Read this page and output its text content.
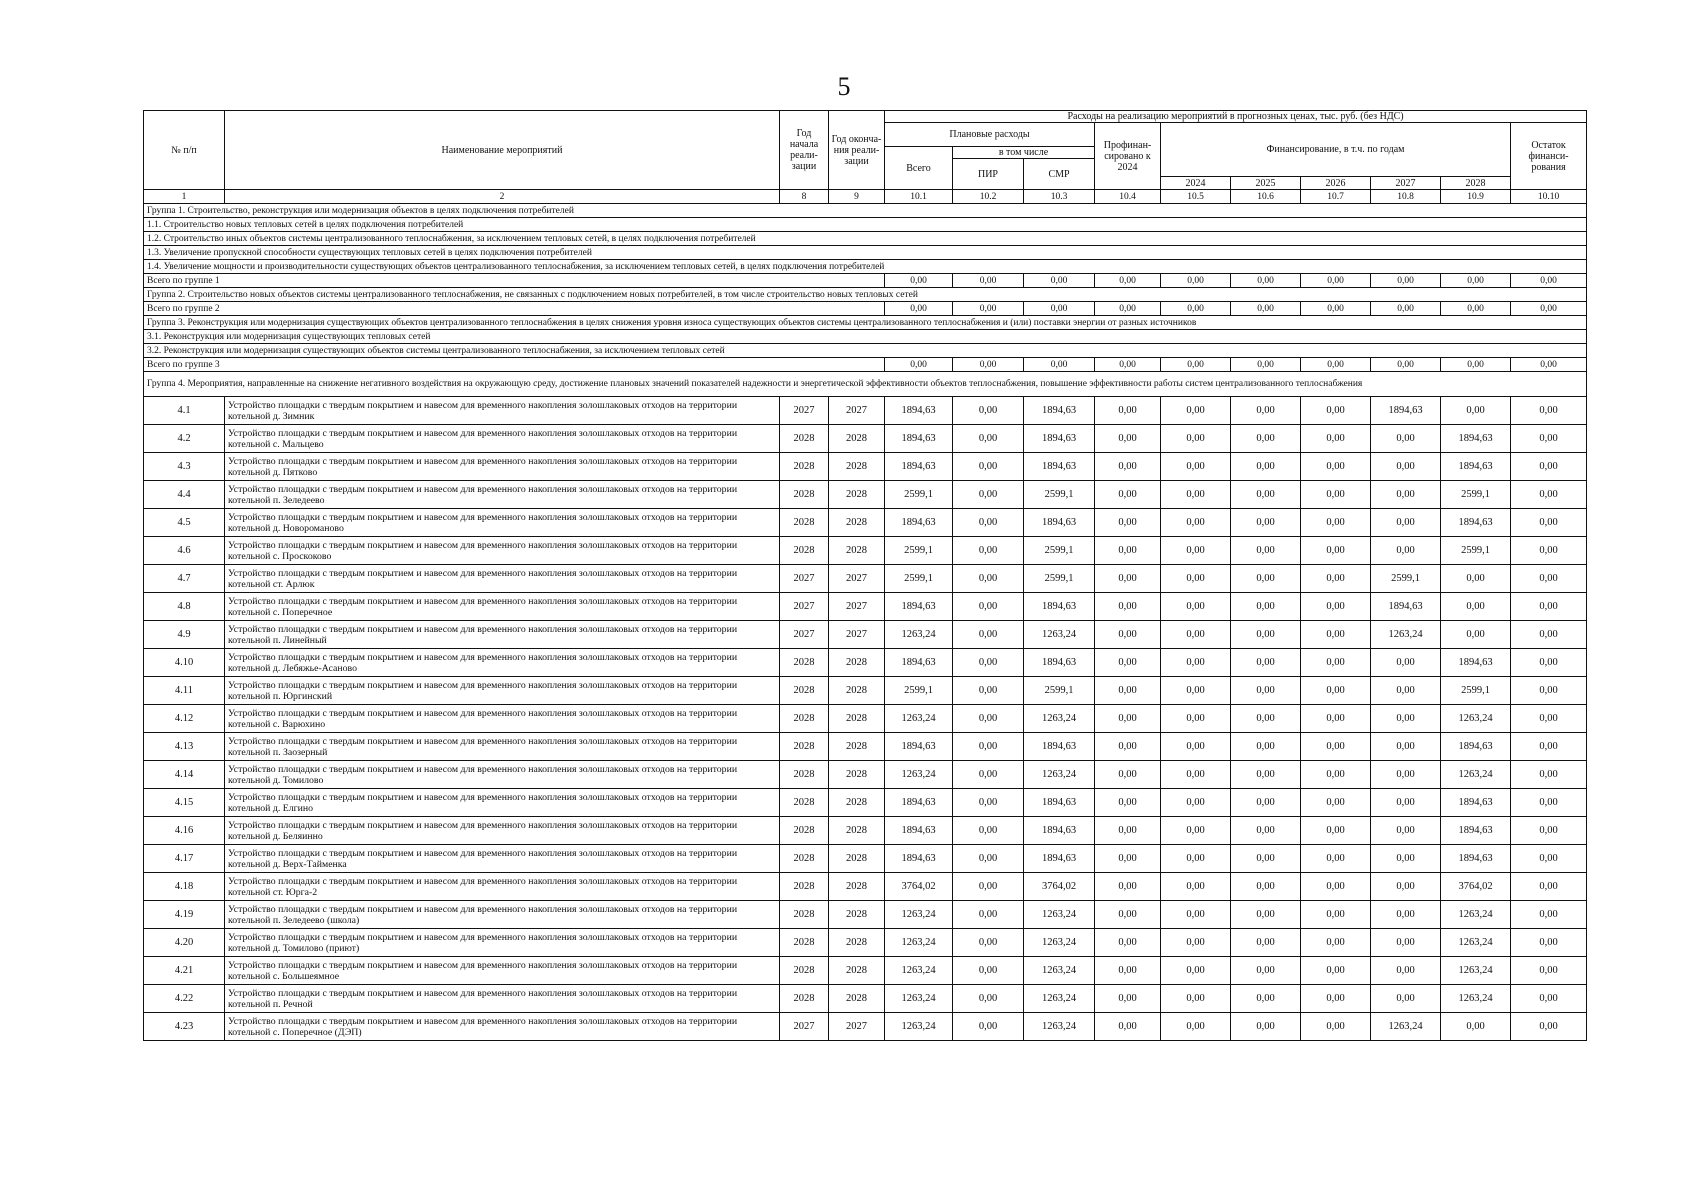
5
№ п/п	Наименование мероприятий	Год начала реали-зации	Год оконча-ния реали-зации	Расходы на реализацию мероприятий в прогнозных ценах, тыс. руб. (без НДС)									
				Плановые расходы			Профинан-сировано к 2024	Финансирование, в т.ч. по годам					Остаток финанси-рования
				Всего	в том числе								
					ПИР	СМР							
								2024	2025	2026	2027	2028	
1	2	8	9	10.1	10.2	10.3	10.4	10.5	10.6	10.7	10.8	10.9	10.10
Группа 1. Строительство, реконструкция или модернизация объектов в целях подключения потребителей													
1.1. Строительство новых тепловых сетей в целях подключения потребителей													
1.2. Строительство иных объектов системы централизованного теплоснабжения, за исключением тепловых сетей, в целях подключения потребителей													
1.3. Увеличение пропускной способности существующих тепловых сетей в целях подключения потребителей													
1.4. Увеличение мощности и производительности существующих объектов централизованного теплоснабжения, за исключением тепловых сетей, в целях подключения потребителей													
Всего по группе 1				0,00	0,00	0,00	0,00	0,00	0,00	0,00	0,00	0,00	0,00
Группа 2. Строительство новых объектов системы централизованного теплоснабжения, не связанных с подключением новых потребителей, в том числе строительство новых тепловых сетей													
Всего по группе 2				0,00	0,00	0,00	0,00	0,00	0,00	0,00	0,00	0,00	0,00
Группа 3. Реконструкция или модернизация существующих объектов централизованного теплоснабжения в целях снижения уровня износа существующих объектов системы централизованного теплоснабжения и (или) поставки энергии от разных источников													
3.1. Реконструкция или модернизация существующих тепловых сетей													
3.2. Реконструкция или модернизация существующих объектов системы централизованного теплоснабжения, за исключением тепловых сетей													
Всего по группе 3				0,00	0,00	0,00	0,00	0,00	0,00	0,00	0,00	0,00	0,00
Группа 4. Мероприятия, направленные на снижение негативного воздействия на окружающую среду, достижение плановых значений показателей надежности и энергетической эффективности объектов теплоснабжения, повышение эффективности работы систем централизованного теплоснабжения													
4.1	Устройство площадки с твердым покрытием и навесом для временного накопления золошлаковых отходов на территории котельной д. Зимник	2027	2027	1894,63	0,00	1894,63	0,00	0,00	0,00	0,00	1894,63	0,00	0,00
4.2	Устройство площадки с твердым покрытием и навесом для временного накопления золошлаковых отходов на территории котельной с. Мальцево	2028	2028	1894,63	0,00	1894,63	0,00	0,00	0,00	0,00	0,00	1894,63	0,00
4.3	Устройство площадки с твердым покрытием и навесом для временного накопления золошлаковых отходов на территории котельной д. Пятково	2028	2028	1894,63	0,00	1894,63	0,00	0,00	0,00	0,00	0,00	1894,63	0,00
4.4	Устройство площадки с твердым покрытием и навесом для временного накопления золошлаковых отходов на территории котельной п. Зеледеево	2028	2028	2599,1	0,00	2599,1	0,00	0,00	0,00	0,00	0,00	2599,1	0,00
4.5	Устройство площадки с твердым покрытием и навесом для временного накопления золошлаковых отходов на территории котельной д. Новороманово	2028	2028	1894,63	0,00	1894,63	0,00	0,00	0,00	0,00	0,00	1894,63	0,00
4.6	Устройство площадки с твердым покрытием и навесом для временного накопления золошлаковых отходов на территории котельной с. Проскоково	2028	2028	2599,1	0,00	2599,1	0,00	0,00	0,00	0,00	0,00	2599,1	0,00
4.7	Устройство площадки с твердым покрытием и навесом для временного накопления золошлаковых отходов на территории котельной ст. Арлюк	2027	2027	2599,1	0,00	2599,1	0,00	0,00	0,00	0,00	2599,1	0,00	0,00
4.8	Устройство площадки с твердым покрытием и навесом для временного накопления золошлаковых отходов на территории котельной с. Поперечное	2027	2027	1894,63	0,00	1894,63	0,00	0,00	0,00	0,00	1894,63	0,00	0,00
4.9	Устройство площадки с твердым покрытием и навесом для временного накопления золошлаковых отходов на территории котельной п. Линейный	2027	2027	1263,24	0,00	1263,24	0,00	0,00	0,00	0,00	1263,24	0,00	0,00
4.10	Устройство площадки с твердым покрытием и навесом для временного накопления золошлаковых отходов на территории котельной д. Лебяжье-Асаново	2028	2028	1894,63	0,00	1894,63	0,00	0,00	0,00	0,00	0,00	1894,63	0,00
4.11	Устройство площадки с твердым покрытием и навесом для временного накопления золошлаковых отходов на территории котельной п. Юргинский	2028	2028	2599,1	0,00	2599,1	0,00	0,00	0,00	0,00	0,00	2599,1	0,00
4.12	Устройство площадки с твердым покрытием и навесом для временного накопления золошлаковых отходов на территории котельной с. Варюхино	2028	2028	1263,24	0,00	1263,24	0,00	0,00	0,00	0,00	0,00	1263,24	0,00
4.13	Устройство площадки с твердым покрытием и навесом для временного накопления золошлаковых отходов на территории котельной п. Заозерный	2028	2028	1894,63	0,00	1894,63	0,00	0,00	0,00	0,00	0,00	1894,63	0,00
4.14	Устройство площадки с твердым покрытием и навесом для временного накопления золошлаковых отходов на территории котельной д. Томилово	2028	2028	1263,24	0,00	1263,24	0,00	0,00	0,00	0,00	0,00	1263,24	0,00
4.15	Устройство площадки с твердым покрытием и навесом для временного накопления золошлаковых отходов на территории котельной д. Елгино	2028	2028	1894,63	0,00	1894,63	0,00	0,00	0,00	0,00	0,00	1894,63	0,00
4.16	Устройство площадки с твердым покрытием и навесом для временного накопления золошлаковых отходов на территории котельной д. Беляинно	2028	2028	1894,63	0,00	1894,63	0,00	0,00	0,00	0,00	0,00	1894,63	0,00
4.17	Устройство площадки с твердым покрытием и навесом для временного накопления золошлаковых отходов на территории котельной д. Верх-Тайменка	2028	2028	1894,63	0,00	1894,63	0,00	0,00	0,00	0,00	0,00	1894,63	0,00
4.18	Устройство площадки с твердым покрытием и навесом для временного накопления золошлаковых отходов на территории котельной ст. Юрга-2	2028	2028	3764,02	0,00	3764,02	0,00	0,00	0,00	0,00	0,00	3764,02	0,00
4.19	Устройство площадки с твердым покрытием и навесом для временного накопления золошлаковых отходов на территории котельной п. Зеледеево (школа)	2028	2028	1263,24	0,00	1263,24	0,00	0,00	0,00	0,00	0,00	1263,24	0,00
4.20	Устройство площадки с твердым покрытием и навесом для временного накопления золошлаковых отходов на территории котельной д. Томилово (приют)	2028	2028	1263,24	0,00	1263,24	0,00	0,00	0,00	0,00	0,00	1263,24	0,00
4.21	Устройство площадки с твердым покрытием и навесом для временного накопления золошлаковых отходов на территории котельной с. Большеямное	2028	2028	1263,24	0,00	1263,24	0,00	0,00	0,00	0,00	0,00	1263,24	0,00
4.22	Устройство площадки с твердым покрытием и навесом для временного накопления золошлаковых отходов на территории котельной п. Речной	2028	2028	1263,24	0,00	1263,24	0,00	0,00	0,00	0,00	0,00	1263,24	0,00
4.23	Устройство площадки с твердым покрытием и навесом для временного накопления золошлаковых отходов на территории котельной с. Поперечное (ДЭП)	2027	2027	1263,24	0,00	1263,24	0,00	0,00	0,00	0,00	1263,24	0,00	0,00
